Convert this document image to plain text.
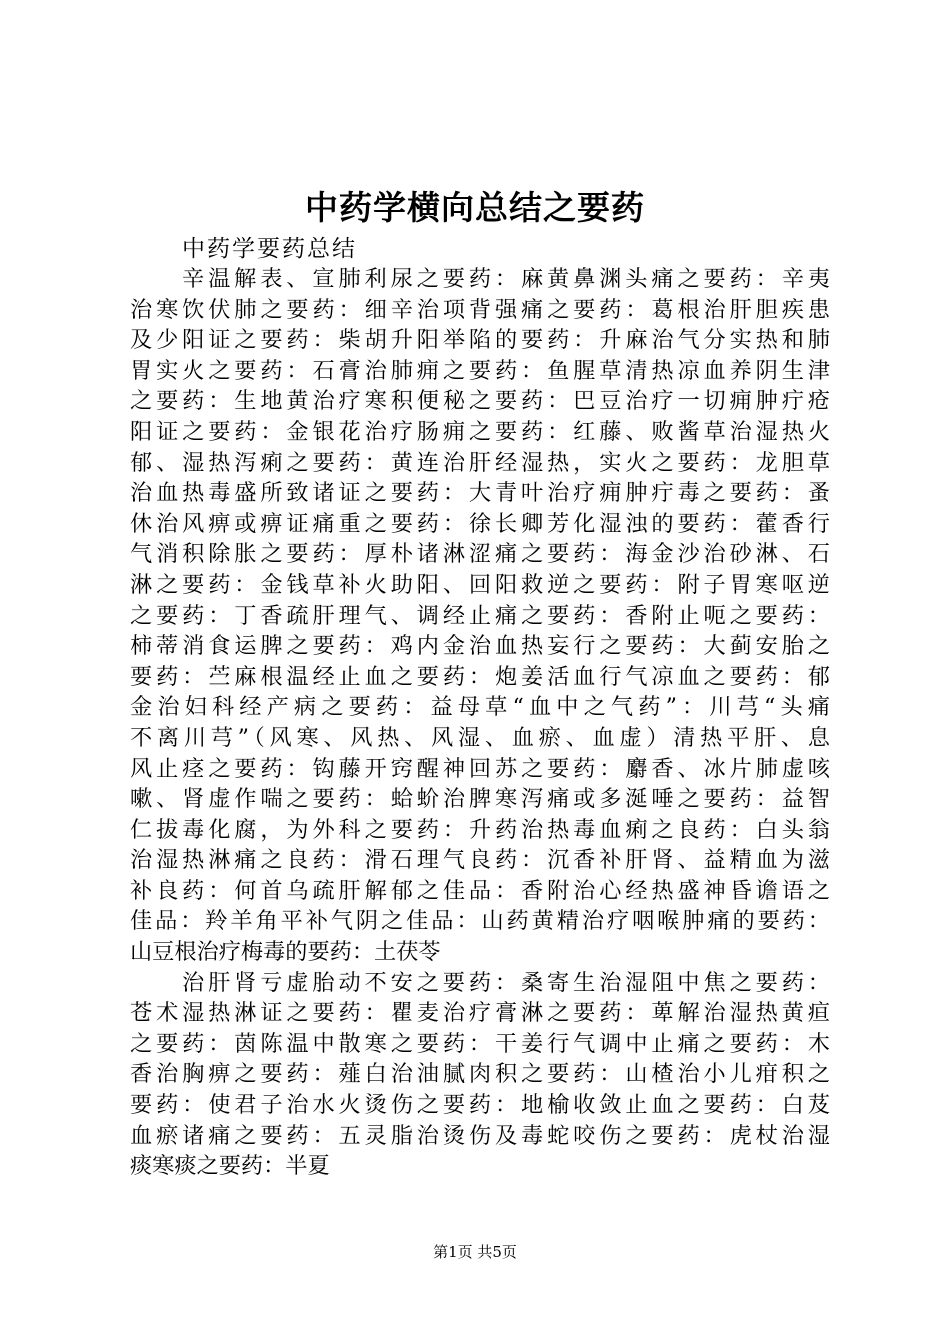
中药学横向总结之要药
中药学要药总结
辛温解表、宣肺利尿之要药：麻黄鼻渊头痛之要药：辛夷
治寒饮伏肺之要药：细辛治项背强痛之要药：葛根治肝胆疾患
及少阳证之要药：柴胡升阳举陷的要药：升麻治气分实热和肺
胃实火之要药：石膏治肺痈之要药：鱼腥草清热凉血养阴生津
之要药：生地黄治疗寒积便秘之要药：巴豆治疗一切痈肿疔疮
阳证之要药：金银花治疗肠痈之要药：红藤、败酱草治湿热火
郁、湿热泻痢之要药：黄连治肝经湿热，实火之要药：龙胆草
治血热毒盛所致诸证之要药：大青叶治疗痈肿疔毒之要药：蚤
休治风痹或痹证痛重之要药：徐长卿芳化湿浊的要药：藿香行
气消积除胀之要药：厚朴诸淋涩痛之要药：海金沙治砂淋、石
淋之要药：金钱草补火助阳、回阳救逆之要药：附子胃寒呕逆
之要药：丁香疏肝理气、调经止痛之要药：香附止呃之要药：
柿蒂消食运脾之要药：鸡内金治血热妄行之要药：大蓟安胎之
要药：苎麻根温经止血之要药：炮姜活血行气凉血之要药：郁
金治妇科经产病之要药：益母草“血中之气药”：川芎“头痛
不离川芎”（风寒、风热、风湿、血瘀、血虚）清热平肝、息
风止痉之要药：钩藤开窍醒神回苏之要药：麝香、冰片肺虚咳
嗽、肾虚作喘之要药：蛤蚧治脾寒泻痛或多涎唾之要药：益智
仁拔毒化腐，为外科之要药：升药治热毒血痢之良药：白头翁
治湿热淋痛之良药：滑石理气良药：沉香补肝肾、益精血为滋
补良药：何首乌疏肝解郁之佳品：香附治心经热盛神昏谵语之
佳品：羚羊角平补气阴之佳品：山药黄精治疗咽喉肿痛的要药：
山豆根治疗梅毒的要药：土茯苓
治肝肾亏虚胎动不安之要药：桑寄生治湿阻中焦之要药：
苍术湿热淋证之要药：瞿麦治疗膏淋之要药：萆解治湿热黄疸
之要药：茵陈温中散寒之要药：干姜行气调中止痛之要药：木
香治胸痹之要药：薤白治油腻肉积之要药：山楂治小儿疳积之
要药：使君子治水火烫伤之要药：地榆收敛止血之要药：白芨
血瘀诸痛之要药：五灵脂治烫伤及毒蛇咬伤之要药：虎杖治湿
痰寒痰之要药：半夏
第1页 共5页
